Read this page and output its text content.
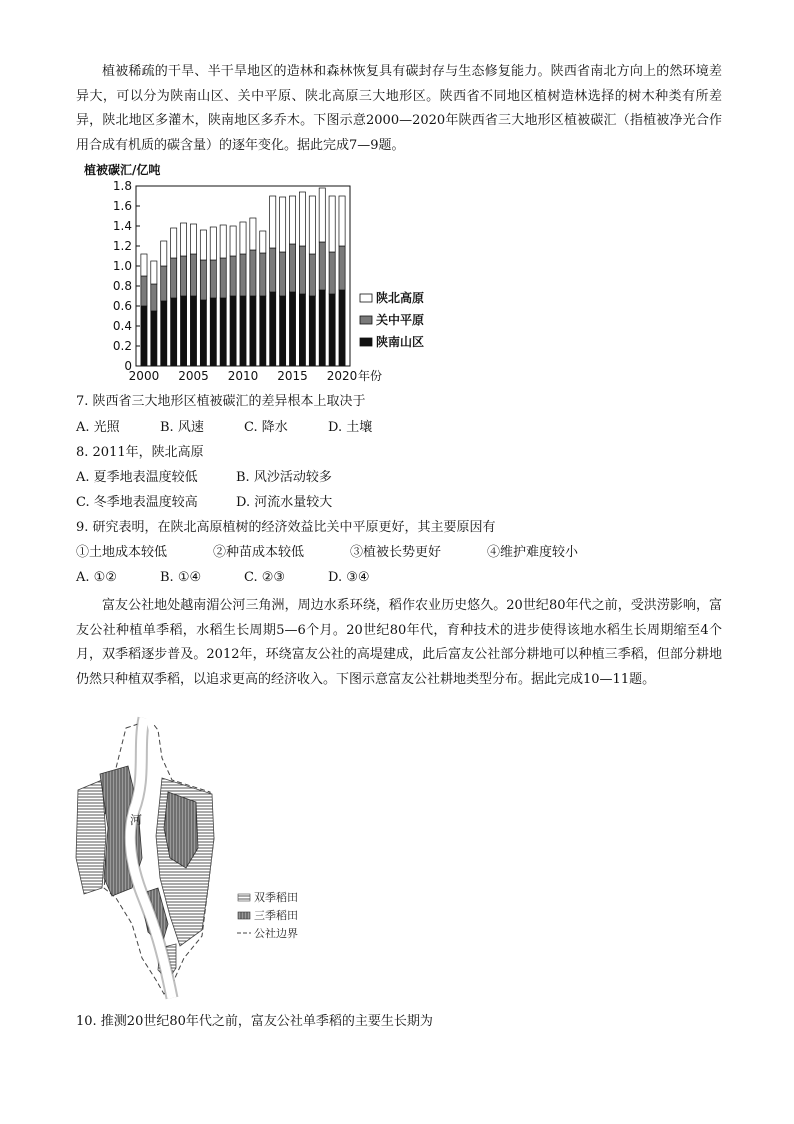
植被稀疏的干旱、半干旱地区的造林和森林恢复具有碳封存与生态修复能力。陕西省南北方向上的然环境差异大，可以分为陕南山区、关中平原、陕北高原三大地形区。陕西省不同地区植树造林选择的树木种类有所差异，陕北地区多灌木，陕南地区多乔木。下图示意2000—2020年陕西省三大地形区植被碳汇（指植被净光合作用合成有机质的碳含量）的逐年变化。据此完成7—9题。

植被碳汇/亿吨
0
0.2
0.4
0.6
0.8
1.0
1.2
1.4
1.6
1.8
2000 2005 2010 2015 2020 年份
陕北高原
关中平原
陕南山区

7. 陕西省三大地形区植被碳汇的差异根本上取决于

A. 光照	B. 风速	C. 降水	D. 土壤

8. 2011年，陕北高原

A. 夏季地表温度较低	B. 风沙活动较多

C. 冬季地表温度较高	D. 河流水量较大

9. 研究表明，在陕北高原植树的经济效益比关中平原更好，其主要原因有

①土地成本较低	②种苗成本较低	③植被长势更好	④维护难度较小

A. ①②	B. ①④	C. ②③	D. ③④

富友公社地处越南湄公河三角洲，周边水系环绕，稻作农业历史悠久。20世纪80年代之前，受洪涝影响，富友公社种植单季稻，水稻生长周期5—6个月。20世纪80年代，育种技术的进步使得该地水稻生长周期缩至4个月，双季稻逐步普及。2012年，环绕富友公社的高堤建成，此后富友公社部分耕地可以种植三季稻，但部分耕地仍然只种植双季稻，以追求更高的经济收入。下图示意富友公社耕地类型分布。据此完成10—11题。

河
双季稻田
三季稻田
公社边界

10. 推测20世纪80年代之前，富友公社单季稻的主要生长期为
